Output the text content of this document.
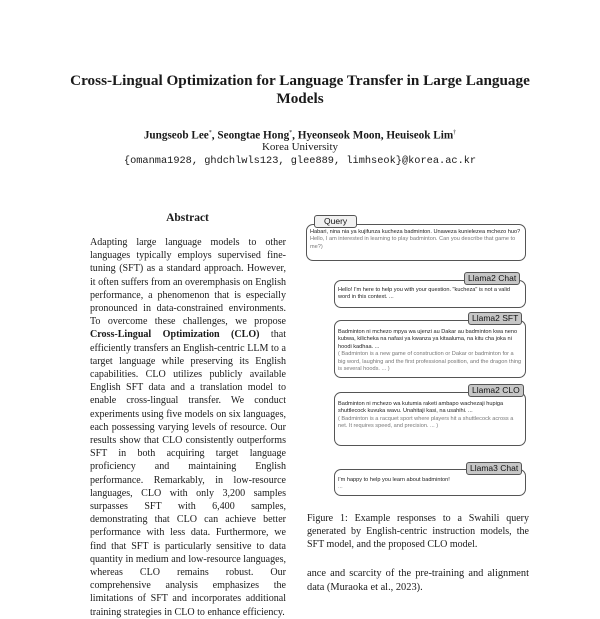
Cross-Lingual Optimization for Language Transfer in Large Language Models
Jungseob Lee*, Seongtae Hong*, Hyeonseok Moon, Heuiseok Lim†
Korea University
{omanma1928, ghdchlwls123, glee889, limhseok}@korea.ac.kr
Abstract
Adapting large language models to other languages typically employs supervised fine-tuning (SFT) as a standard approach. However, it often suffers from an overemphasis on English performance, a phenomenon that is especially pronounced in data-constrained environments. To overcome these challenges, we propose Cross-Lingual Optimization (CLO) that efficiently transfers an English-centric LLM to a target language while preserving its English capabilities. CLO utilizes publicly available English SFT data and a translation model to enable cross-lingual transfer. We conduct experiments using five models on six languages, each possessing varying levels of resource. Our results show that CLO consistently outperforms SFT in both acquiring target language proficiency and maintaining English performance. Remarkably, in low-resource languages, CLO with only 3,200 samples surpasses SFT with 6,400 samples, demonstrating that CLO can achieve better performance with less data. Furthermore, we find that SFT is particularly sensitive to data quantity in medium and low-resource languages, whereas CLO remains robust. Our comprehensive analysis emphasizes the limitations of SFT and incorporates additional training strategies in CLO to enhance efficiency.
Habari, nina nia ya kujifunza kucheza badminton. Unaweza kunielezea mchezo huo?
Hello, I am interested in learning to play badminton. Can you describe that game to me?)
Query
Hello! I'm here to help you with your question. "kucheza" is not a valid word in this context. ...
Llama2 Chat
Badminton ni mchezo mpya wa ujenzi au Dakar au badminton kwa neno kubwa, kilicheka na nafasi ya kwanza ya kitaaluma, na kitu cha joka ni hoodi kadhaa. ...
( Badminton is a new game of construction or Dakar or badminton for a big word, laughing and the first professional position, and the dragon thing is several hoods. ... )
Llama2 SFT
Badminton ni mchezo wa kutumia raketi ambapo wachezaji hupiga shuttlecock kuvuka wavu. Unahitaji kasi, na usahihi. ...
( Badminton is a racquet sport where players hit a shuttlecock across a net. It requires speed, and precision. ... )
Llama2 CLO
I'm happy to help you learn about badminton!
...
Llama3 Chat
Figure 1: Example responses to a Swahili query generated by English-centric instruction models, the SFT model, and the proposed CLO model.
ance and scarcity of the pre-training and alignment data (Muraoka et al., 2023).
